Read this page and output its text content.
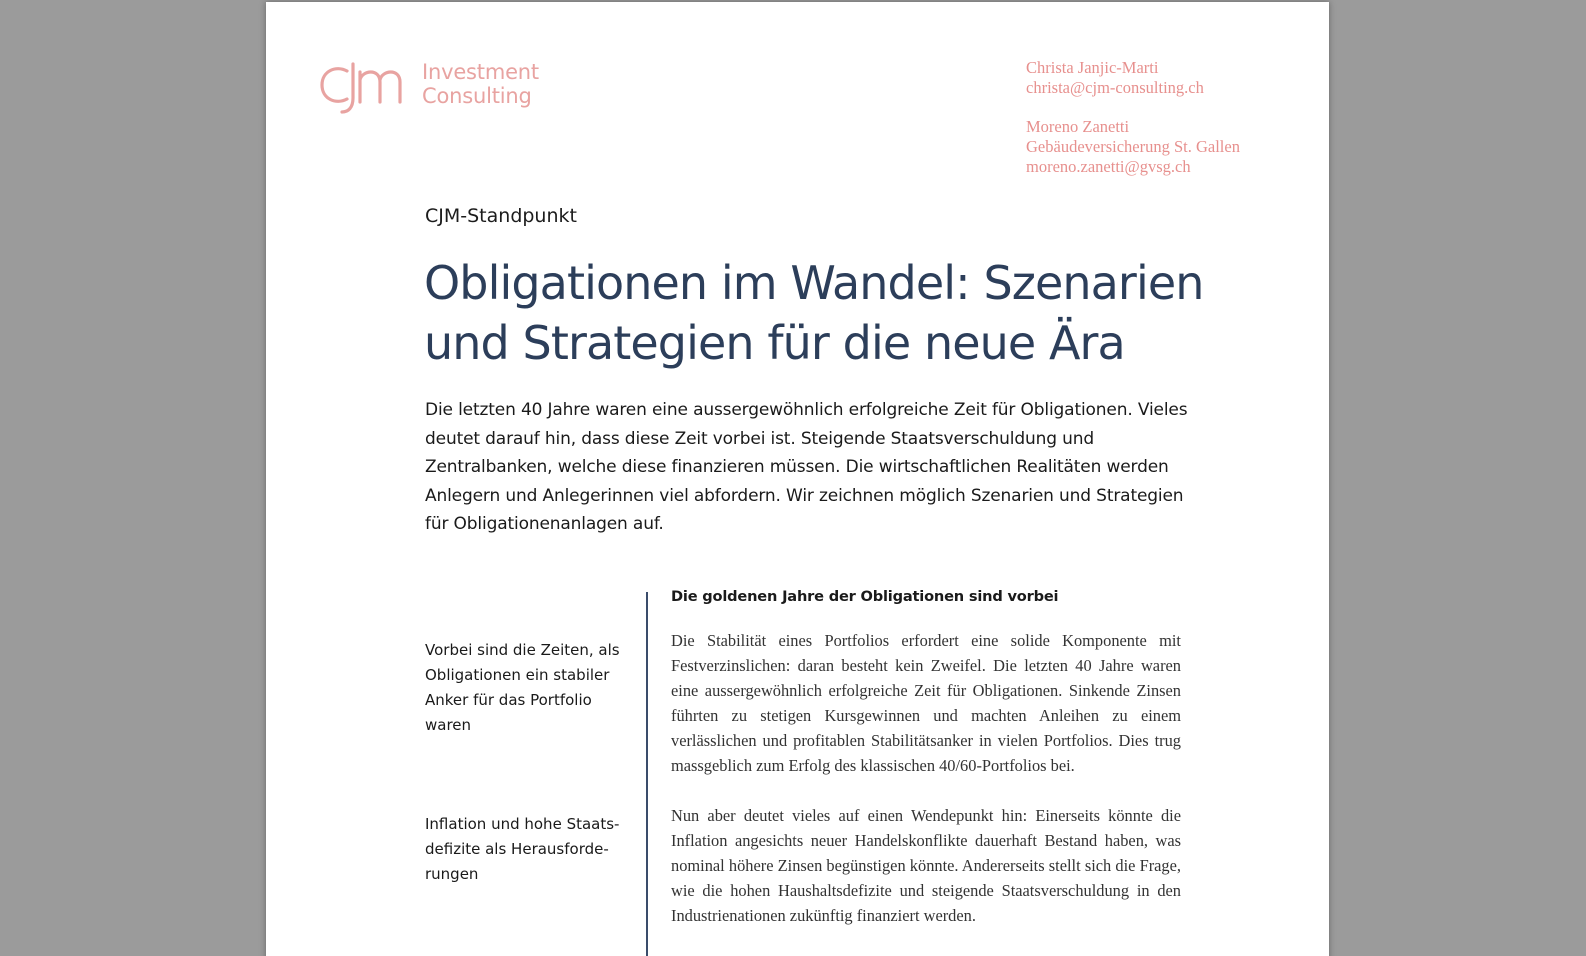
Investment
Consulting
Christa Janjic-Marti
christa@cjm-consulting.ch
Moreno Zanetti
Gebäudeversicherung St. Gallen
moreno.zanetti@gvsg.ch
CJM-Standpunkt
Obligationen im Wandel: Szenarien und Strategien für die neue Ära

Die letzten 40 Jahre waren eine aussergewöhnlich erfolgreiche Zeit für Obligationen. Vieles deutet darauf hin, dass diese Zeit vorbei ist. Steigende Staatsverschuldung und Zentralbanken, welche diese finanzieren müssen. Die wirtschaftlichen Realitäten werden Anlegern und Anlegerinnen viel abfordern. Wir zeichnen möglich Szenarien und Strategien für Obligationenanlagen auf.

Vorbei sind die Zeiten, als
Obligationen ein stabiler
Anker für das Portfolio
waren
Inflation und hohe Staats-
defizite als Herausforde-
rungen
Die goldenen Jahre der Obligationen sind vorbei

Die Stabilität eines Portfolios erfordert eine solide Komponente mit Festverzinslichen: daran besteht kein Zweifel. Die letzten 40 Jahre waren eine aussergewöhnlich erfolgreiche Zeit für Obligationen. Sinkende Zinsen führten zu stetigen Kursgewinnen und machten Anleihen zu einem verlässlichen und profitablen Stabilitätsanker in vielen Portfolios. Dies trug massgeblich zum Erfolg des klassischen 40/60-Portfolios bei.

Nun aber deutet vieles auf einen Wendepunkt hin: Einerseits könnte die Inflation angesichts neuer Handelskonflikte dauerhaft Bestand haben, was nominal höhere Zinsen begünstigen könnte. Andererseits stellt sich die Frage, wie die hohen Haushaltsdefizite und steigende Staatsverschuldung in den Industrienationen zukünftig finanziert werden.
